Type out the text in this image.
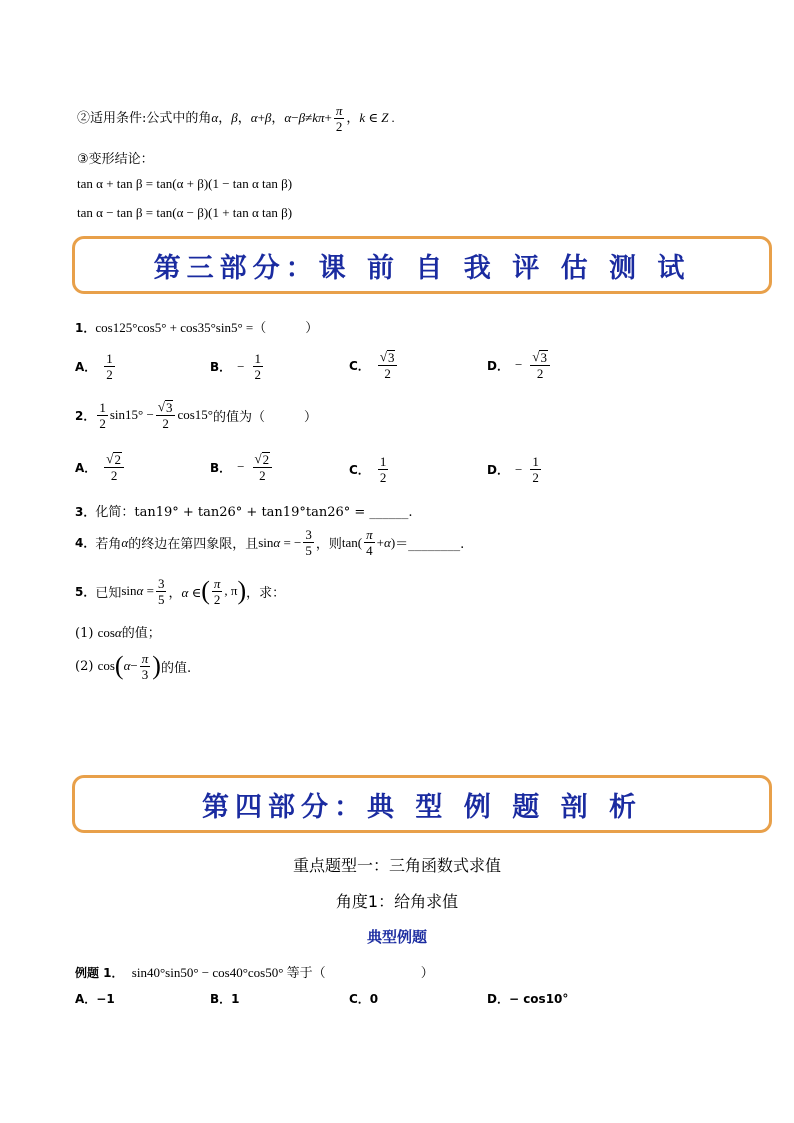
②适用条件:公式中的角α，β，α+β，$\alpha-\beta\ne k\pi+ \frac{\pi}{2}$ ，k ∈ Z .
③变形结论：
tan α + tan β = tan(α + β)(1 − tan α tan β)
tan α − tan β = tan(α − β)(1 + tan α tan β)
第三部分：课 前 自 我 评 估 测 试
1．cos125°cos5° + cos35°sin5° =（　　　）
A． $\frac{1}{2}$	B． − $\frac{1}{2}$	C． $\frac{√ 3}{2}$	D． − $\frac{√ 3}{2}$
2． $\frac{1}{2} \sin 15^\circ - \frac{√ 3}{2} \cos 15^\circ$ 的值为（　　　）
A． $\frac{√ 2}{2}$	B． − $\frac{√ 2}{2}$	C． $\frac{1}{2}$	D． − $\frac{1}{2}$
3．化简：tan19° + tan26° + tan19°tan26° = ______.
4． 若角 α 的终边在第四象限，且 sinα = − $\frac{3}{5}$ ，则 $\tan( \frac{\pi}{4} +\alpha)$ ＝________.
5． 已知 $\sin\alpha = \frac{3}{5}$ ，α ∈ ( $\frac{\pi}{2}$ , π ) ，求：
(1) cosα的值；
(2)
cos ( $\alpha - \frac{\pi}{3}$ ) 的值.
第四部分：典 型 例 题 剖 析
重点题型一：三角函数式求值
角度1：给角求值
典型例题
例题 1． sin40°sin50° − cos40°cos50° 等于（	）
A．−1	B．1	C．0	D．− cos10°
